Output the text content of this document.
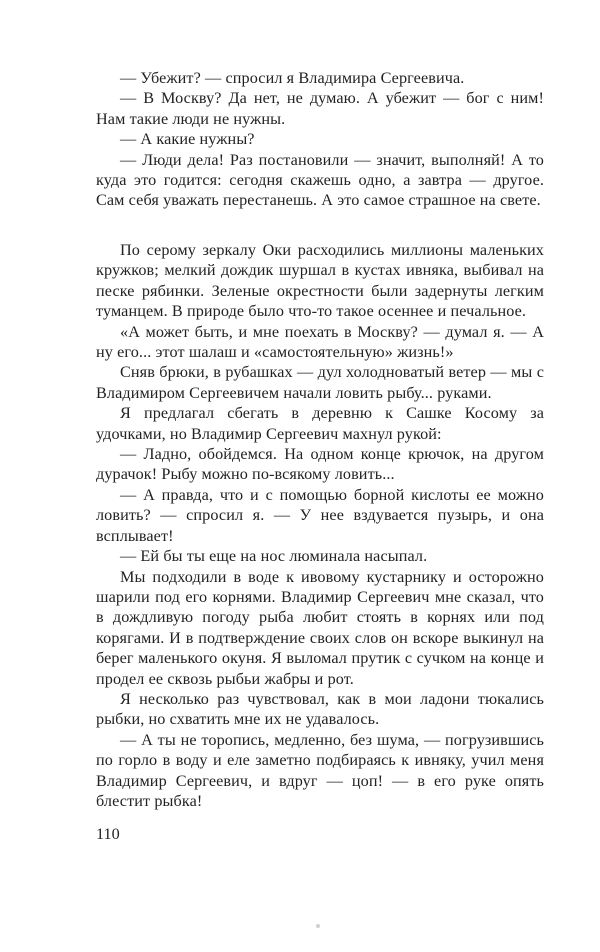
— Убежит? — спросил я Владимира Сергеевича.

— В Москву? Да нет, не думаю. А убежит — бог с ним! Нам такие люди не нужны.

— А какие нужны?

— Люди дела! Раз постановили — значит, выполняй! А то куда это годится: сегодня скажешь одно, а завтра — другое. Сам себя уважать перестанешь. А это самое страшное на свете.

По серому зеркалу Оки расходились миллионы маленьких кружков; мелкий дождик шуршал в кустах ивняка, выбивал на песке рябинки. Зеленые окрестности были задернуты легким туманцем. В природе было что-то такое осеннее и печальное.

«А может быть, и мне поехать в Москву? — думал я. — А ну его... этот шалаш и «самостоятельную» жизнь!»

Сняв брюки, в рубашках — дул холодноватый ветер — мы с Владимиром Сергеевичем начали ловить рыбу... руками.

Я предлагал сбегать в деревню к Сашке Косому за удочками, но Владимир Сергеевич махнул рукой:

— Ладно, обойдемся. На одном конце крючок, на другом дурачок! Рыбу можно по-всякому ловить...

— А правда, что и с помощью борной кислоты ее можно ловить? — спросил я. — У нее вздувается пузырь, и она всплывает!

— Ей бы ты еще на нос люминала насыпал.

Мы подходили в воде к ивовому кустарнику и осторожно шарили под его корнями. Владимир Сергеевич мне сказал, что в дождливую погоду рыба любит стоять в корнях или под корягами. И в подтверждение своих слов он вскоре выкинул на берег маленького окуня. Я выломал прутик с сучком на конце и продел ее сквозь рыбьи жабры и рот.

Я несколько раз чувствовал, как в мои ладони тюкались рыбки, но схватить мне их не удавалось.

— А ты не торопись, медленно, без шума, — погрузившись по горло в воду и еле заметно подбираясь к ивняку, учил меня Владимир Сергеевич, и вдруг — цоп! — в его руке опять блестит рыбка!

110
